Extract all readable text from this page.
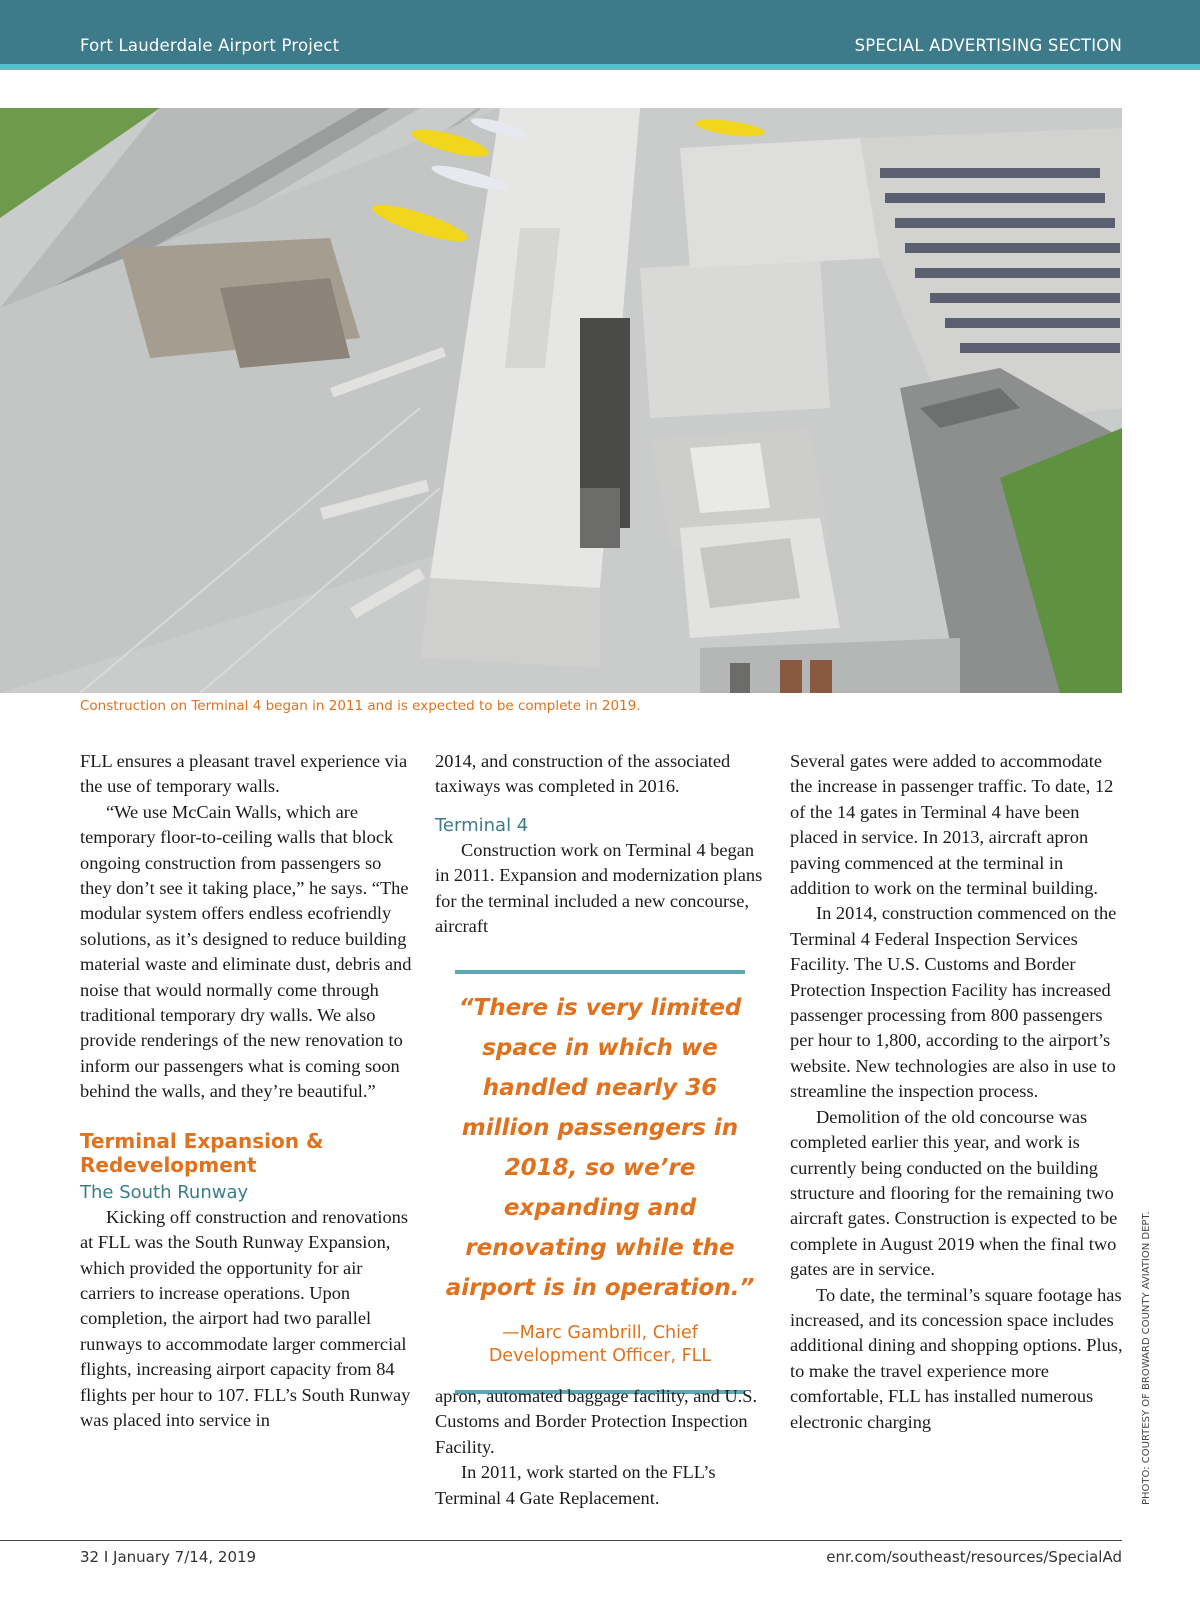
Fort Lauderdale Airport Project	SPECIAL ADVERTISING SECTION
Construction on Terminal 4 began in 2011 and is expected to be complete in 2019.

FLL ensures a pleasant travel experience via the use of temporary walls.

“We use McCain Walls, which are temporary floor-to-ceiling walls that block ongoing construction from passengers so they don’t see it taking place,” he says. “The modular system offers endless ecofriendly solutions, as it’s designed to reduce building material waste and eliminate dust, debris and noise that would normally come through traditional temporary dry walls. We also provide renderings of the new renovation to inform our passengers what is coming soon behind the walls, and they’re beautiful.”

Terminal Expansion & Redevelopment
The South Runway

Kicking off construction and renovations at FLL was the South Runway Expansion, which provided the opportunity for air carriers to increase operations. Upon completion, the airport had two parallel runways to accommodate larger commercial flights, increasing airport capacity from 84 flights per hour to 107. FLL’s South Runway was placed into service in

2014, and construction of the associated taxiways was completed in 2016.

Terminal 4

Construction work on Terminal 4 began in 2011. Expansion and modernization plans for the terminal included a new concourse, aircraft

“There is very limited space in which we handled nearly 36 million passengers in 2018, so we’re expanding and renovating while the airport is in operation.”
—Marc Gambrill, Chief Development Officer, FLL

apron, automated baggage facility, and U.S. Customs and Border Protection Inspection Facility.

In 2011, work started on the FLL’s Terminal 4 Gate Replacement.

Several gates were added to accommodate the increase in passenger traffic. To date, 12 of the 14 gates in Terminal 4 have been placed in service. In 2013, aircraft apron paving commenced at the terminal in addition to work on the terminal building.

In 2014, construction commenced on the Terminal 4 Federal Inspection Services Facility. The U.S. Customs and Border Protection Inspection Facility has increased passenger processing from 800 passengers per hour to 1,800, according to the airport’s website. New technologies are also in use to streamline the inspection process.

Demolition of the old concourse was completed earlier this year, and work is currently being conducted on the building structure and flooring for the remaining two aircraft gates. Construction is expected to be complete in August 2019 when the final two gates are in service.

To date, the terminal’s square footage has increased, and its concession space includes additional dining and shopping options. Plus, to make the travel experience more comfortable, FLL has installed numerous electronic charging	PHOTO: COURTESY OF BROWARD COUNTY AVIATION DEPT.
32 I January 7/14, 2019	enr.com/southeast/resources/SpecialAd
